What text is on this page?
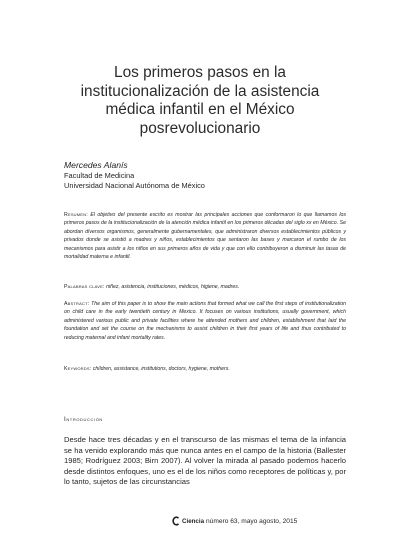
Los primeros pasos en la institucionalización de la asistencia médica infantil en el México posrevolucionario
Mercedes Alanís
Facultad de Medicina
Universidad Nacional Autónoma de México

Resumen: El objetivo del presente escrito es mostrar las principales acciones que conformaron lo que llamamos los primeros pasos de la institucionalización de la atención médica infantil en los primeros décadas del siglo xx en México. Se abordan diversos organismos, generalmente gubernamentales, que administraron diversos establecimientos públicos y privados donde se asistió a madres y niños, establecimientos que sentaron las bases y marcaron el rumbo de los mecanismos para asistir a los niños en sus primeros años de vida y que con ello contribuyeron a disminuir las tasas de mortalidad materna e infantil.

Palabras clave: niñez, asistencia, instituciones, médicos, higiene, madres.

Abstract: The aim of this paper is to show the main actions that formed what we call the first steps of institutionalization on child care in the early twentieth century in Mexico. It focuses on various institutions, usually government, which administered various public and private facilities where he attended mothers and children, establishment that laid the foundation and set the course on the mechanisms to assist children in their first years of life and thus contributed to reducing maternal and infant mortality rates.

Keywords: children, assistance, institutions, doctors, hygiene, mothers.

Introducción

Desde hace tres décadas y en el transcurso de las mismas el tema de la infancia se ha venido explorando más que nunca antes en el campo de la historia (Ballester 1985; Rodríguez 2003; Birn 2007). Al volver la mirada al pasado podemos hacerlo desde distintos enfoques, uno es el de los niños como receptores de políticas y, por lo tanto, sujetos de las circunstancias

Ciencia número 63, mayo agosto, 2015
